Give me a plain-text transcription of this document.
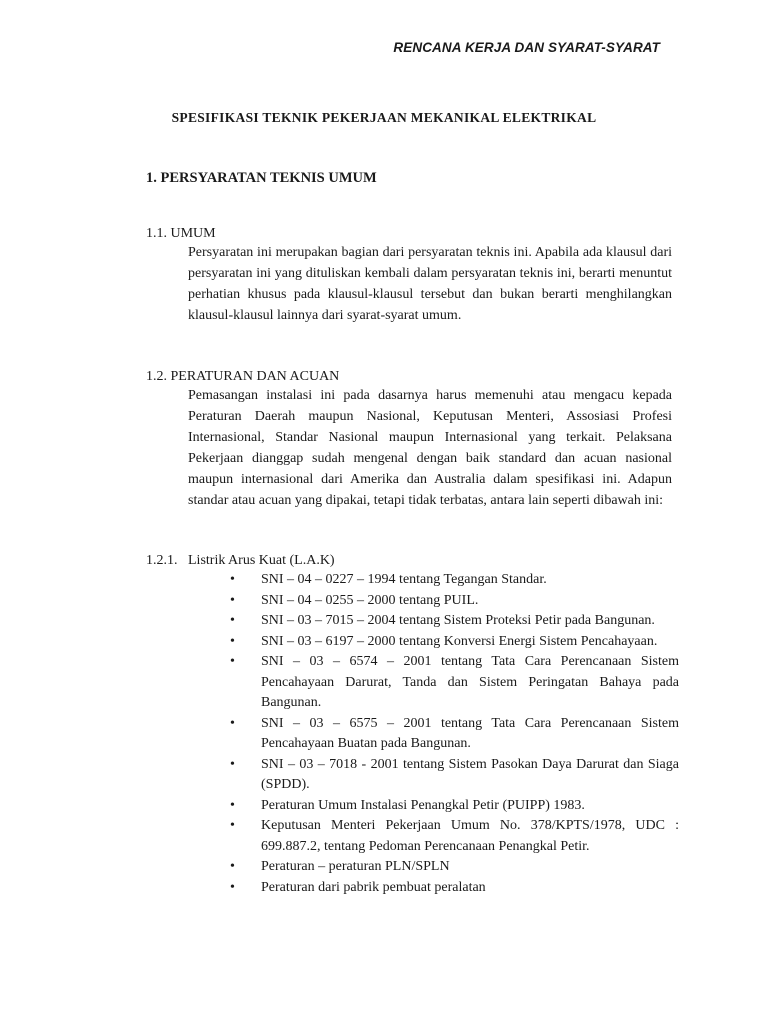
RENCANA KERJA DAN SYARAT-SYARAT
SPESIFIKASI TEKNIK PEKERJAAN MEKANIKAL ELEKTRIKAL
1. PERSYARATAN TEKNIS UMUM
1.1. UMUM

Persyaratan ini merupakan bagian dari persyaratan teknis ini. Apabila ada klausul dari persyaratan ini yang dituliskan kembali dalam persyaratan teknis ini, berarti menuntut perhatian khusus pada klausul-klausul tersebut dan bukan berarti menghilangkan klausul-klausul lainnya dari syarat-syarat umum.

1.2. PERATURAN DAN ACUAN

Pemasangan instalasi ini pada dasarnya harus memenuhi atau mengacu kepada Peraturan Daerah maupun Nasional, Keputusan Menteri, Assosiasi Profesi Internasional, Standar Nasional maupun Internasional yang terkait. Pelaksana Pekerjaan dianggap sudah mengenal dengan baik standard dan acuan nasional maupun internasional dari Amerika dan Australia dalam spesifikasi ini. Adapun standar atau acuan yang dipakai, tetapi tidak terbatas, antara lain seperti dibawah ini:

1.2.1. Listrik Arus Kuat (L.A.K)
• SNI – 04 – 0227 – 1994 tentang Tegangan Standar.
• SNI – 04 – 0255 – 2000 tentang PUIL.
• SNI – 03 – 7015 – 2004 tentang Sistem Proteksi Petir pada Bangunan.
• SNI – 03 – 6197 – 2000 tentang Konversi Energi Sistem Pencahayaan.
• SNI – 03 – 6574 – 2001 tentang Tata Cara Perencanaan Sistem Pencahayaan Darurat, Tanda dan Sistem Peringatan Bahaya pada Bangunan.
• SNI – 03 – 6575 – 2001 tentang Tata Cara Perencanaan Sistem Pencahayaan Buatan pada Bangunan.
• SNI – 03 – 7018 - 2001 tentang Sistem Pasokan Daya Darurat dan Siaga (SPDD).
• Peraturan Umum Instalasi Penangkal Petir (PUIPP) 1983.
• Keputusan Menteri Pekerjaan Umum No. 378/KPTS/1978, UDC : 699.887.2, tentang Pedoman Perencanaan Penangkal Petir.
• Peraturan – peraturan PLN/SPLN
• Peraturan dari pabrik pembuat peralatan
